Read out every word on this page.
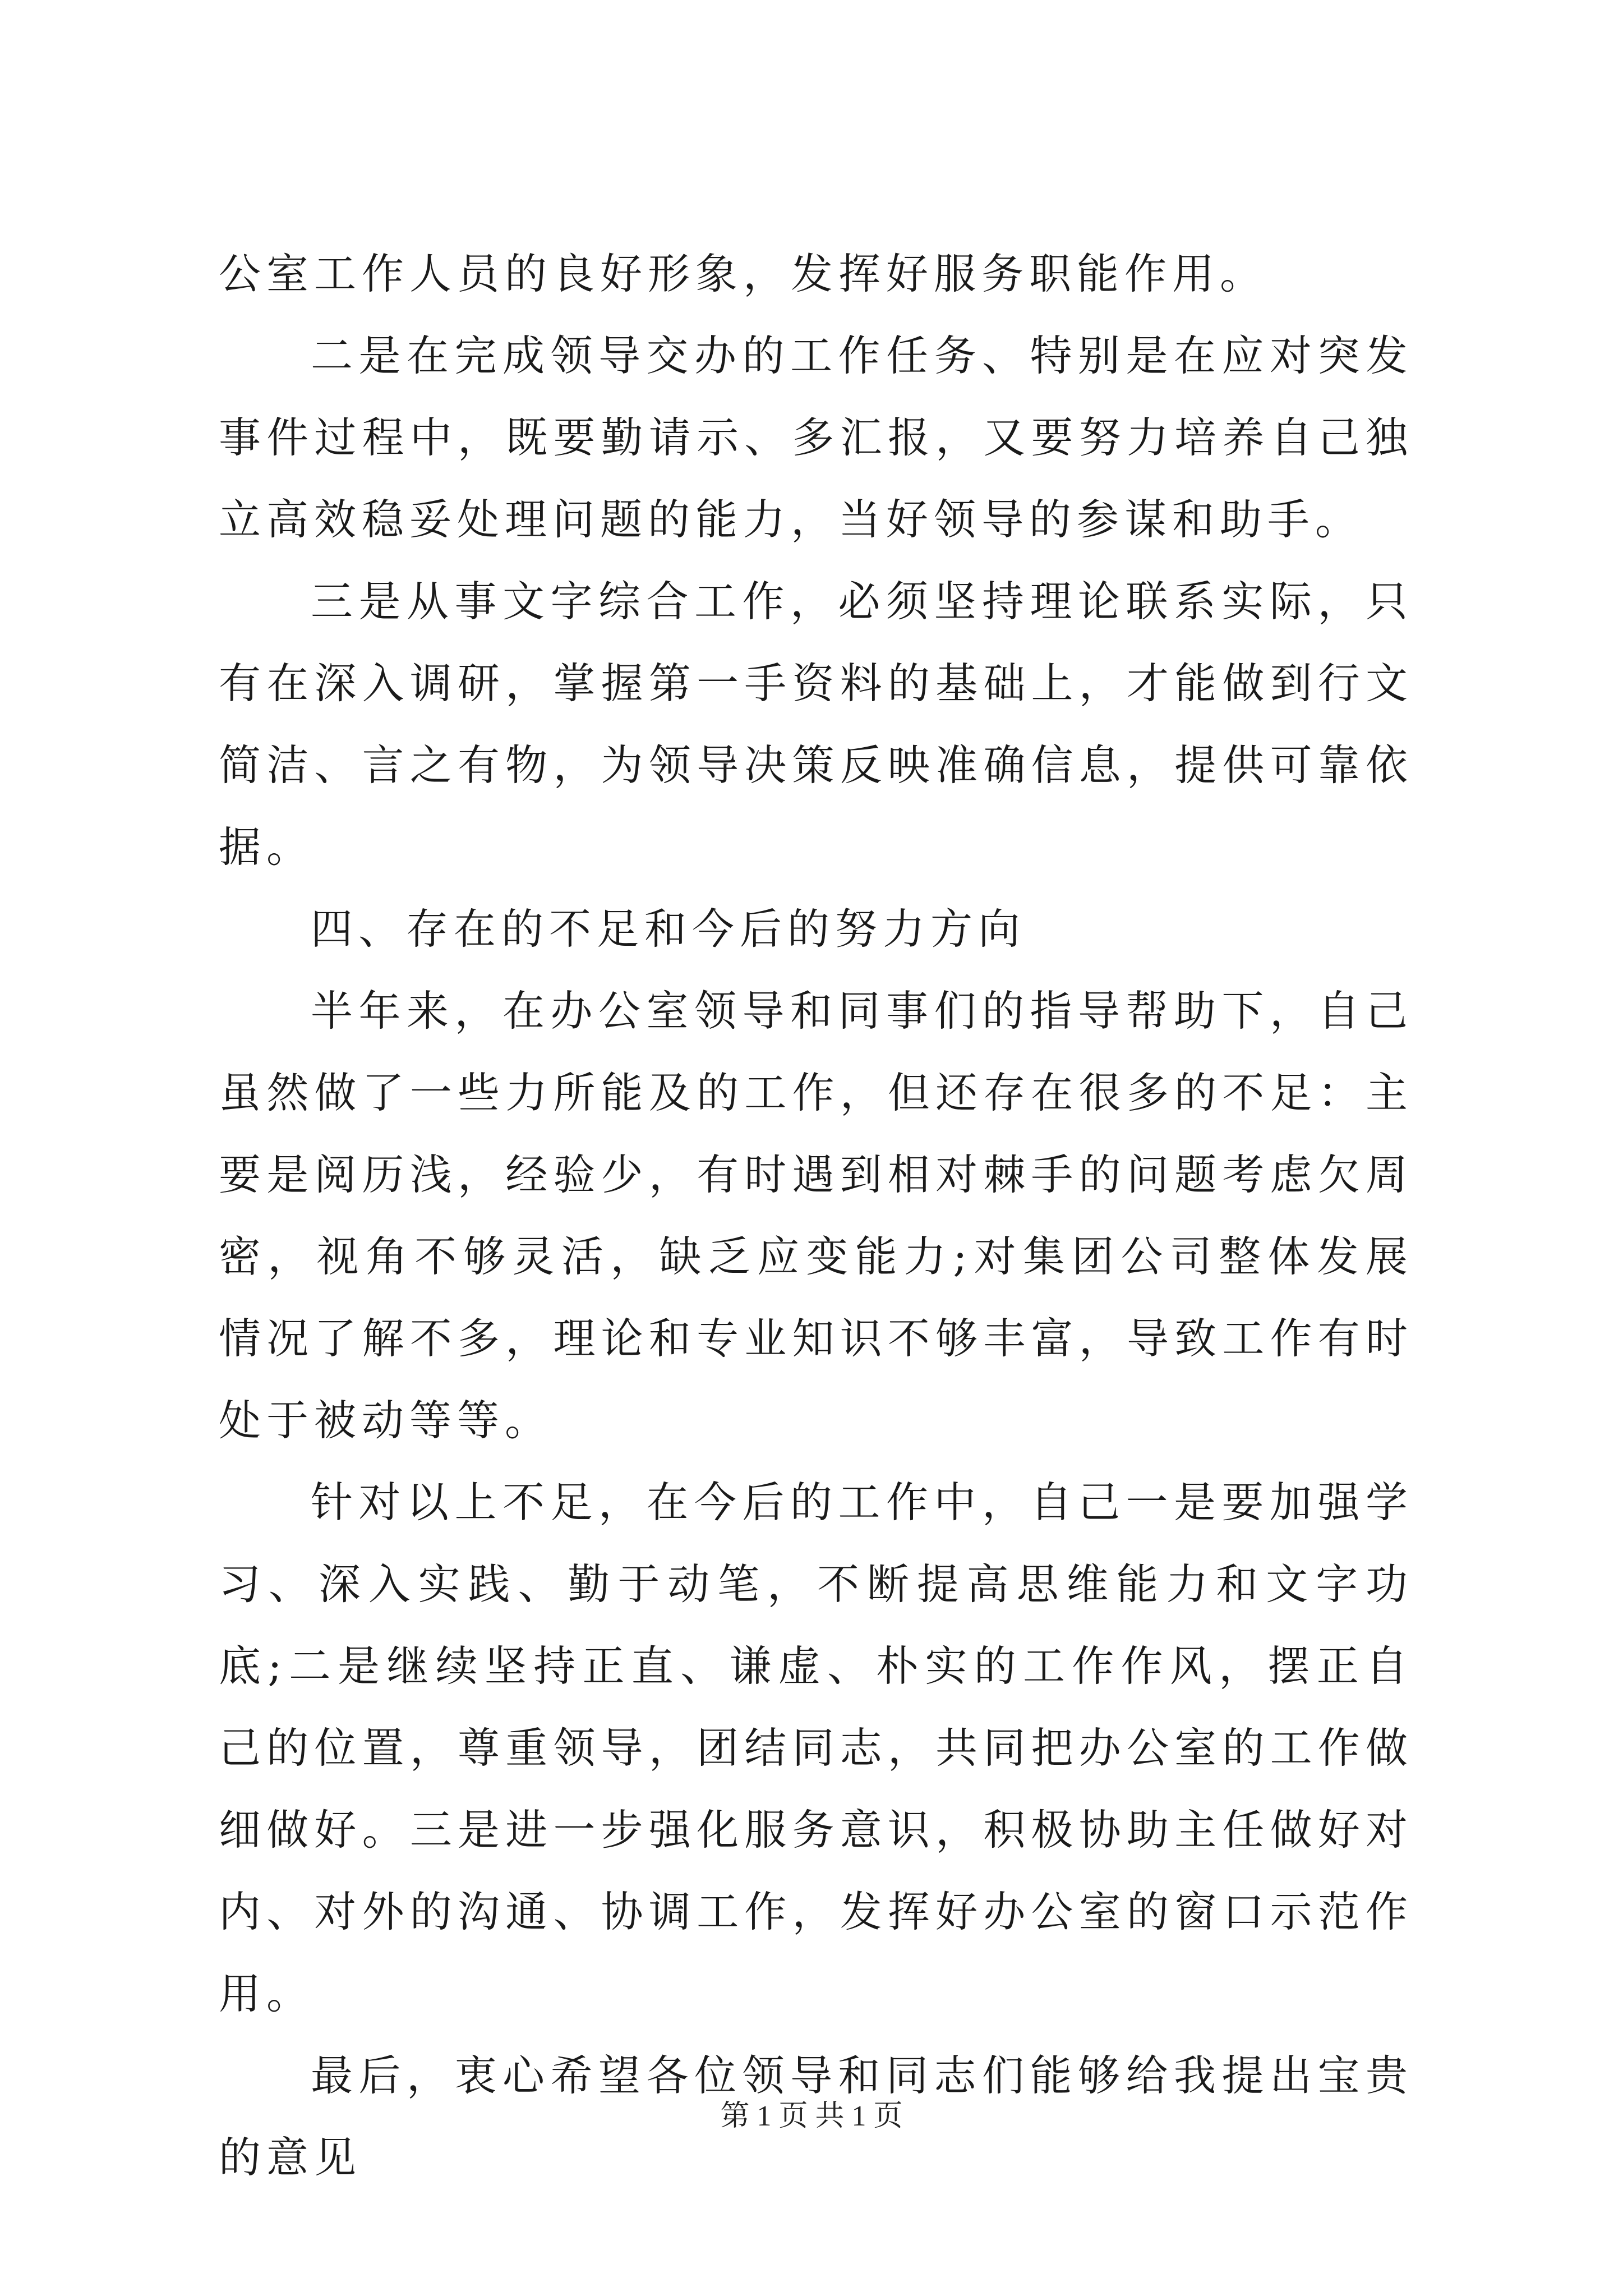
公室工作人员的良好形象，发挥好服务职能作用。

二是在完成领导交办的工作任务、特别是在应对突发事件过程中，既要勤请示、多汇报，又要努力培养自己独立高效稳妥处理问题的能力，当好领导的参谋和助手。

三是从事文字综合工作，必须坚持理论联系实际，只有在深入调研，掌握第一手资料的基础上，才能做到行文简洁、言之有物，为领导决策反映准确信息，提供可靠依据。

四、存在的不足和今后的努力方向

半年来，在办公室领导和同事们的指导帮助下，自己虽然做了一些力所能及的工作，但还存在很多的不足：主要是阅历浅，经验少，有时遇到相对棘手的问题考虑欠周密，视角不够灵活，缺乏应变能力;对集团公司整体发展情况了解不多，理论和专业知识不够丰富，导致工作有时处于被动等等。

针对以上不足，在今后的工作中，自己一是要加强学习、深入实践、勤于动笔，不断提高思维能力和文字功底;二是继续坚持正直、谦虚、朴实的工作作风，摆正自己的位置，尊重领导，团结同志，共同把办公室的工作做细做好。三是进一步强化服务意识，积极协助主任做好对内、对外的沟通、协调工作，发挥好办公室的窗口示范作用。

最后，衷心希望各位领导和同志们能够给我提出宝贵的意见

第 1 页 共 1 页
